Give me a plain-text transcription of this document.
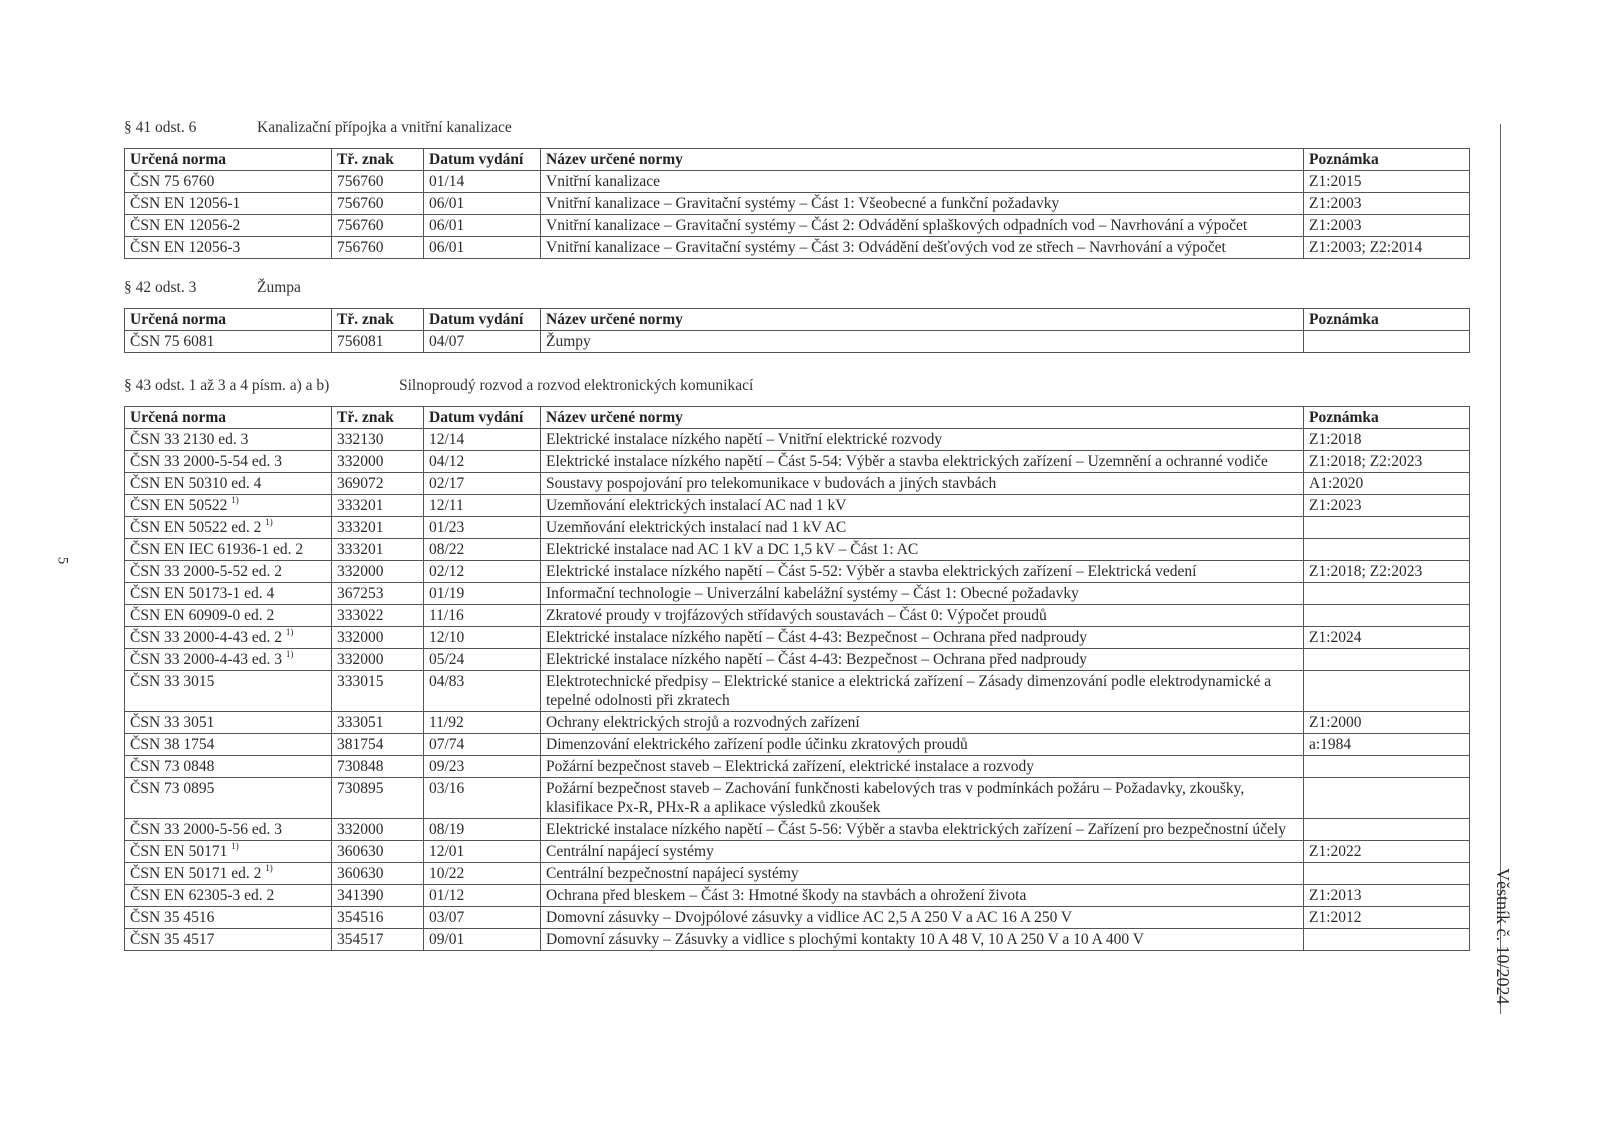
§ 41 odst. 6	Kanalizační přípojka a vnitřní kanalizace
Určená norma	Tř. znak	Datum vydání	Název určené normy	Poznámka
ČSN 75 6760	756760	01/14	Vnitřní kanalizace	Z1:2015
ČSN EN 12056-1	756760	06/01	Vnitřní kanalizace – Gravitační systémy – Část 1: Všeobecné a funkční požadavky	Z1:2003
ČSN EN 12056-2	756760	06/01	Vnitřní kanalizace – Gravitační systémy – Část 2: Odvádění splaškových odpadních vod – Navrhování a výpočet	Z1:2003
ČSN EN 12056-3	756760	06/01	Vnitřní kanalizace – Gravitační systémy – Část 3: Odvádění dešťových vod ze střech – Navrhování a výpočet	Z1:2003; Z2:2014
§ 42 odst. 3	Žumpa
Určená norma	Tř. znak	Datum vydání	Název určené normy	Poznámka
ČSN 75 6081	756081	04/07	Žumpy	
§ 43 odst. 1 až 3 a 4 písm. a) a b)	Silnoproudý rozvod a rozvod elektronických komunikací
Určená norma	Tř. znak	Datum vydání	Název určené normy	Poznámka
ČSN 33 2130 ed. 3	332130	12/14	Elektrické instalace nízkého napětí – Vnitřní elektrické rozvody	Z1:2018
ČSN 33 2000-5-54 ed. 3	332000	04/12	Elektrické instalace nízkého napětí – Část 5-54: Výběr a stavba elektrických zařízení – Uzemnění a ochranné vodiče	Z1:2018; Z2:2023
ČSN EN 50310 ed. 4	369072	02/17	Soustavy pospojování pro telekomunikace v budovách a jiných stavbách	A1:2020
ČSN EN 50522 $^{1)}$	333201	12/11	Uzemňování elektrických instalací AC nad 1 kV	Z1:2023
ČSN EN 50522 ed. 2 $^{1)}$	333201	01/23	Uzemňování elektrických instalací nad 1 kV AC	
ČSN EN IEC 61936-1 ed. 2	333201	08/22	Elektrické instalace nad AC 1 kV a DC 1,5 kV – Část 1: AC	
ČSN 33 2000-5-52 ed. 2	332000	02/12	Elektrické instalace nízkého napětí – Část 5-52: Výběr a stavba elektrických zařízení – Elektrická vedení	Z1:2018; Z2:2023
ČSN EN 50173-1 ed. 4	367253	01/19	Informační technologie – Univerzální kabelážní systémy – Část 1: Obecné požadavky	
ČSN EN 60909-0 ed. 2	333022	11/16	Zkratové proudy v trojfázových střídavých soustavách – Část 0: Výpočet proudů	
ČSN 33 2000-4-43 ed. 2 $^{1)}$	332000	12/10	Elektrické instalace nízkého napětí – Část 4-43: Bezpečnost – Ochrana před nadproudy	Z1:2024
ČSN 33 2000-4-43 ed. 3 $^{1)}$	332000	05/24	Elektrické instalace nízkého napětí – Část 4-43: Bezpečnost – Ochrana před nadproudy	
ČSN 33 3015	333015	04/83	Elektrotechnické předpisy – Elektrické stanice a elektrická zařízení – Zásady dimenzování podle elektrodynamické a tepelné odolnosti při zkratech	
ČSN 33 3051	333051	11/92	Ochrany elektrických strojů a rozvodných zařízení	Z1:2000
ČSN 38 1754	381754	07/74	Dimenzování elektrického zařízení podle účinku zkratových proudů	a:1984
ČSN 73 0848	730848	09/23	Požární bezpečnost staveb – Elektrická zařízení, elektrické instalace a rozvody	
ČSN 73 0895	730895	03/16	Požární bezpečnost staveb – Zachování funkčnosti kabelových tras v podmínkách požáru – Požadavky, zkoušky, klasifikace Px-R, PHx-R a aplikace výsledků zkoušek	
ČSN 33 2000-5-56 ed. 3	332000	08/19	Elektrické instalace nízkého napětí – Část 5-56: Výběr a stavba elektrických zařízení – Zařízení pro bezpečnostní účely	
ČSN EN 50171 $^{1)}$	360630	12/01	Centrální napájecí systémy	Z1:2022
ČSN EN 50171 ed. 2 $^{1)}$	360630	10/22	Centrální bezpečnostní napájecí systémy	
ČSN EN 62305-3 ed. 2	341390	01/12	Ochrana před bleskem – Část 3: Hmotné škody na stavbách a ohrožení života	Z1:2013
ČSN 35 4516	354516	03/07	Domovní zásuvky – Dvojpólové zásuvky a vidlice AC 2,5 A 250 V a AC 16 A 250 V	Z1:2012
ČSN 35 4517	354517	09/01	Domovní zásuvky – Zásuvky a vidlice s plochými kontakty 10 A 48 V, 10 A 250 V a 10 A 400 V	
5
Věstník č. 10/2024
